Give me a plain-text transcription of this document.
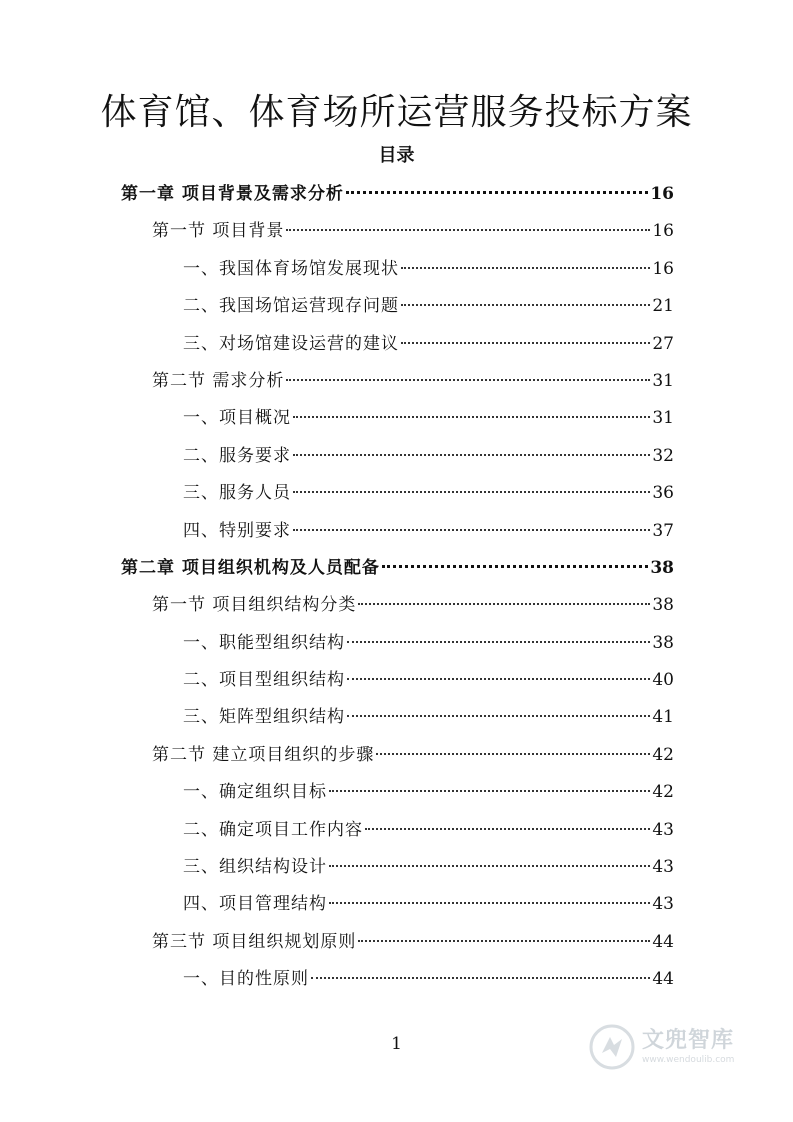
体育馆、体育场所运营服务投标方案
目录
第一章 项目背景及需求分析	16
第一节 项目背景	16
一、我国体育场馆发展现状	16
二、我国场馆运营现存问题	21
三、对场馆建设运营的建议	27
第二节 需求分析	31
一、项目概况	31
二、服务要求	32
三、服务人员	36
四、特别要求	37
第二章 项目组织机构及人员配备	38
第一节 项目组织结构分类	38
一、职能型组织结构	38
二、项目型组织结构	40
三、矩阵型组织结构	41
第二节 建立项目组织的步骤	42
一、确定组织目标	42
二、确定项目工作内容	43
三、组织结构设计	43
四、项目管理结构	43
第三节 项目组织规划原则	44
一、目的性原则	44
1	文兜智库
www.wendoulib.com
